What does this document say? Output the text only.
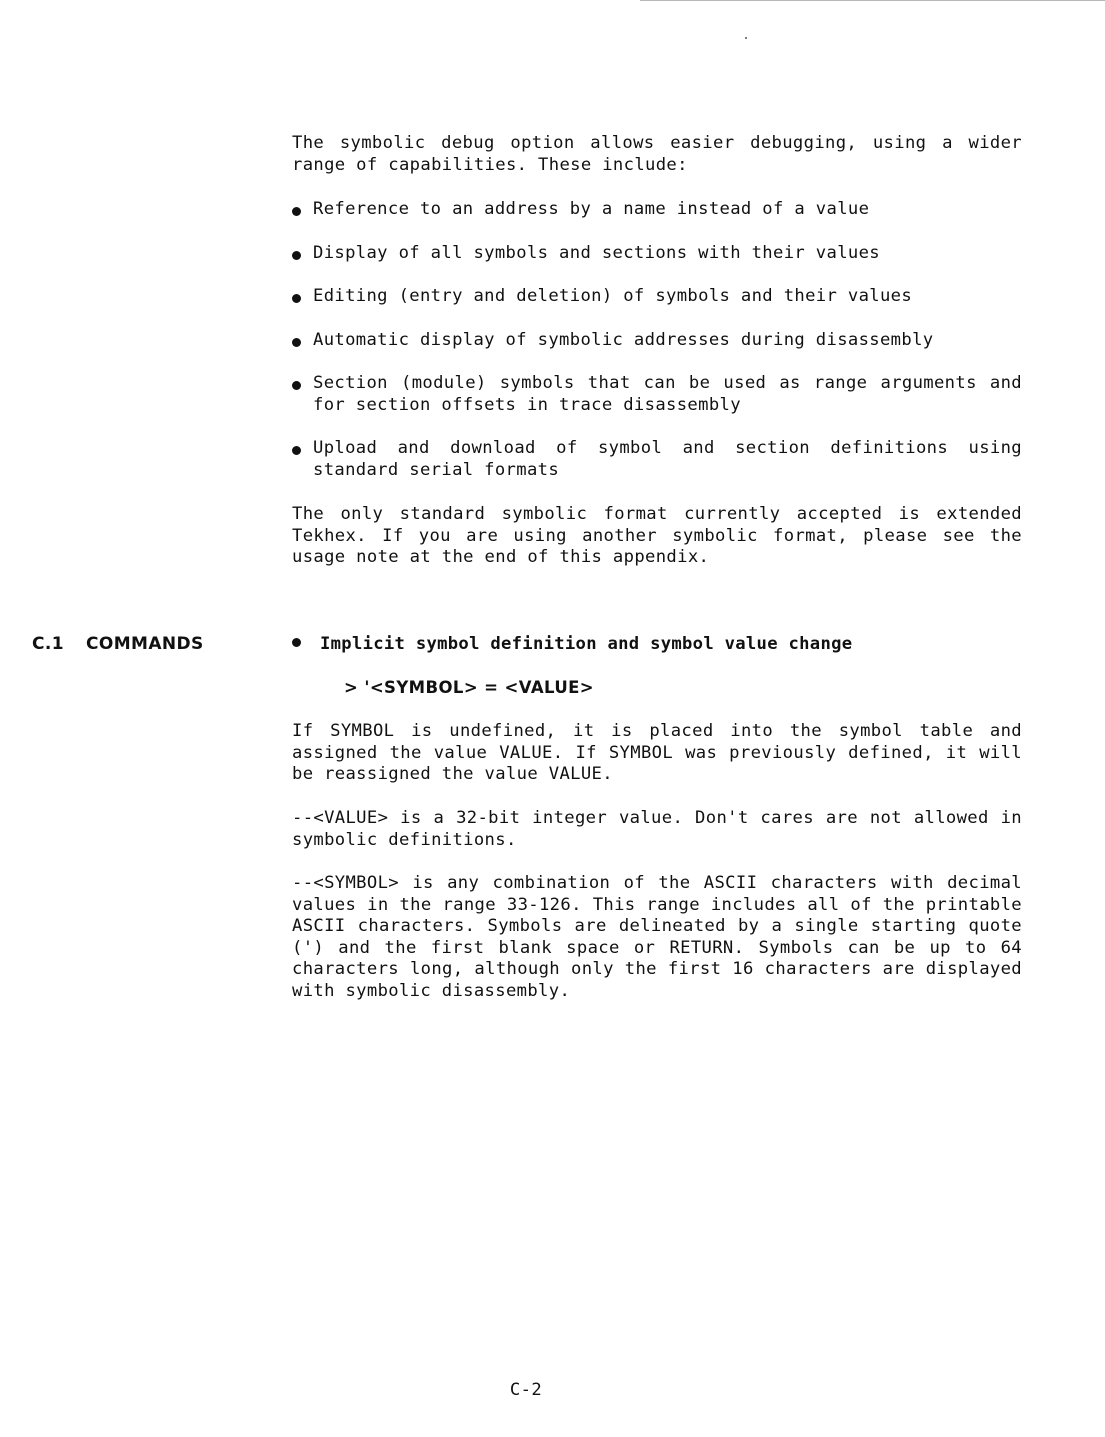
The symbolic debug option allows easier debugging, using a wider range of capabilities. These include:

Reference to an address by a name instead of a value
Display of all symbols and sections with their values
Editing (entry and deletion) of symbols and their values
Automatic display of symbolic addresses during disassembly
Section (module) symbols that can be used as range arguments and for section offsets in trace disassembly
Upload and download of symbol and section definitions using standard serial formats

The only standard symbolic format currently accepted is extended Tekhex. If you are using another symbolic format, please see the usage note at the end of this appendix.

C.1 COMMANDS	Implicit symbol definition and symbol value change
> '<SYMBOL> = <VALUE>

If SYMBOL is undefined, it is placed into the symbol table and assigned the value VALUE. If SYMBOL was previously defined, it will be reassigned the value VALUE.

--<VALUE> is a 32-bit integer value. Don't cares are not allowed in symbolic definitions.

--<SYMBOL> is any combination of the ASCII characters with decimal values in the range 33-126. This range includes all of the printable ASCII characters. Symbols are delineated by a single starting quote (') and the first blank space or RETURN. Symbols can be up to 64 characters long, although only the first 16 characters are displayed with symbolic disassembly.

C-2
